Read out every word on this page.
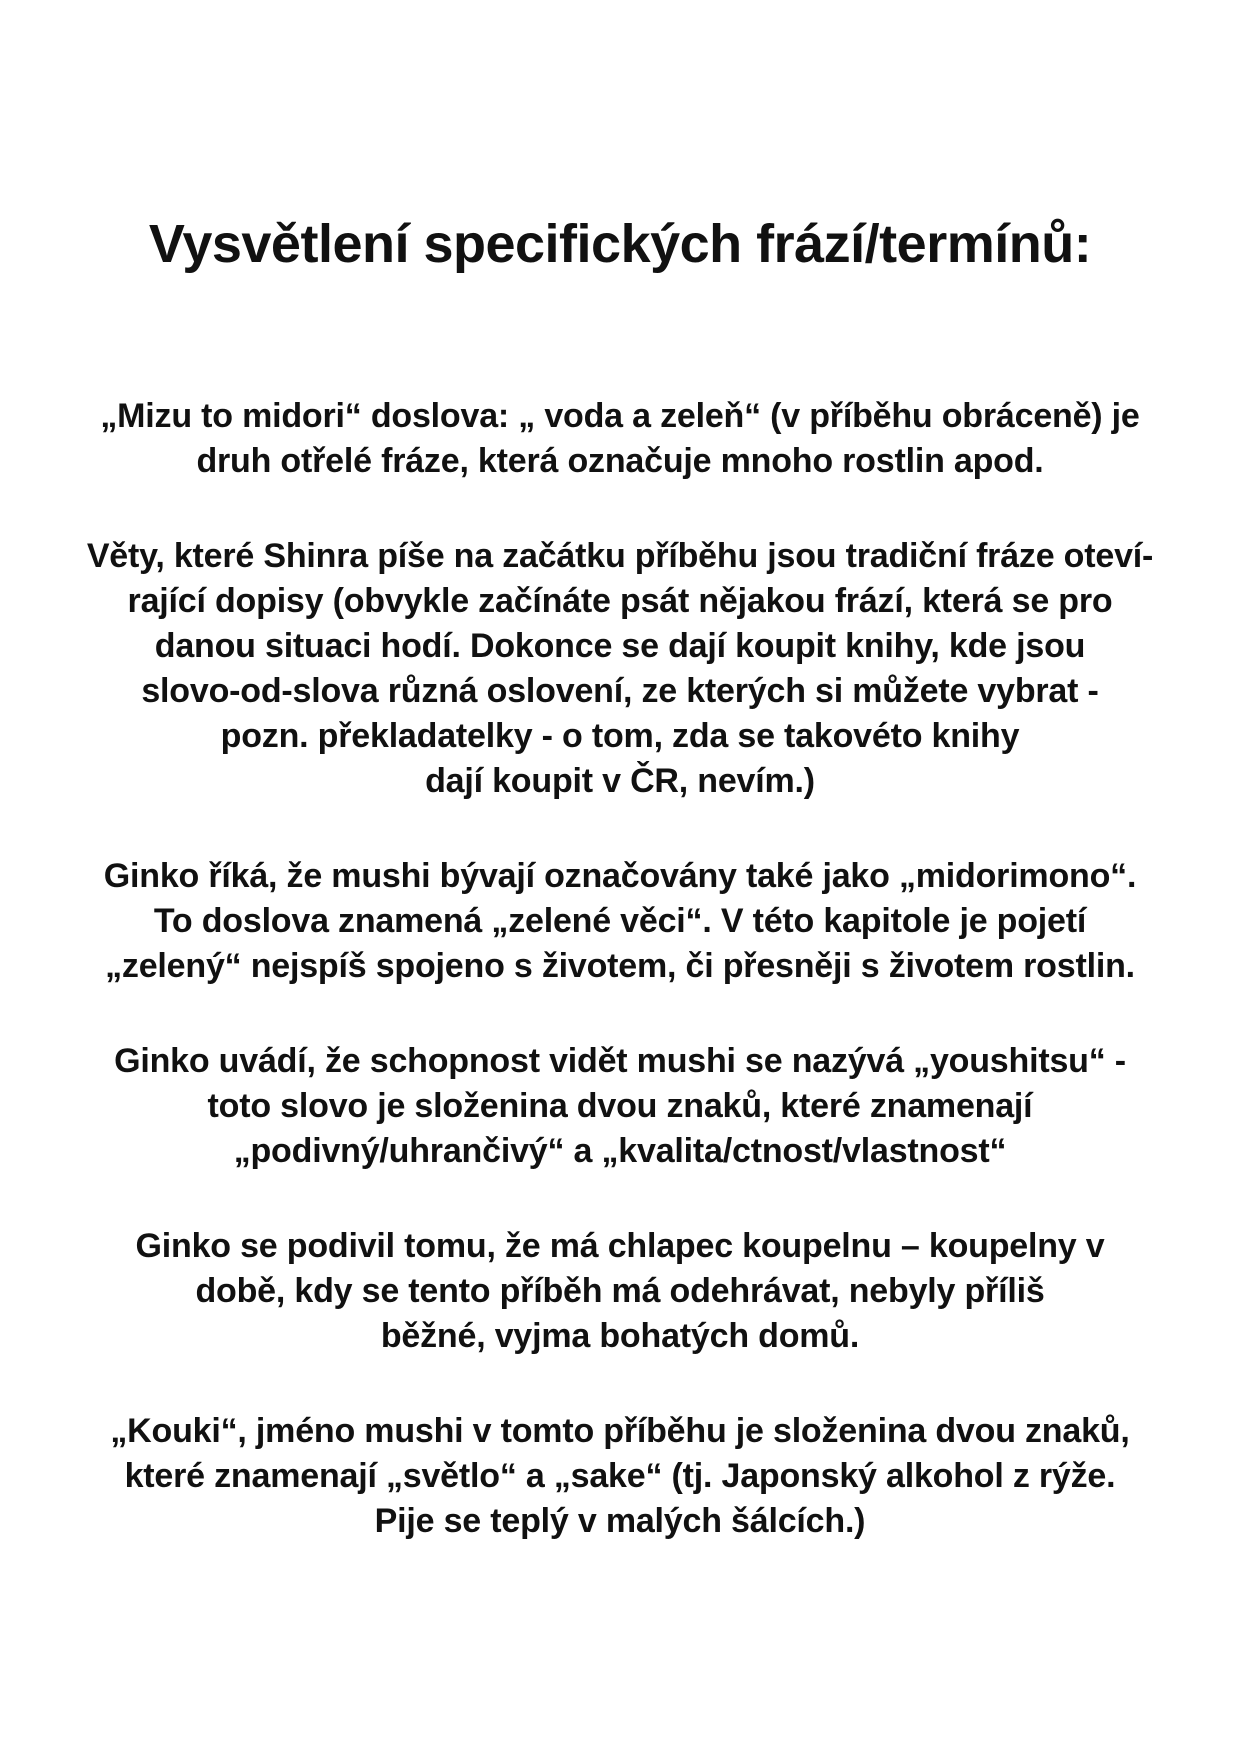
Vysvětlení specifických frází/termínů:

„Mizu to midori“ doslova: „ voda a zeleň“ (v příběhu obráceně) je
druh otřelé fráze, která označuje mnoho rostlin apod.

Věty, které Shinra píše na začátku příběhu jsou tradiční fráze oteví-
rající dopisy (obvykle začínáte psát nějakou frází, která se pro
danou situaci hodí. Dokonce se dají koupit knihy, kde jsou
slovo-od-slova různá oslovení, ze kterých si můžete vybrat -
pozn. překladatelky - o tom, zda se takovéto knihy
dají koupit v ČR, nevím.)

Ginko říká, že mushi bývají označovány také jako „midorimono“.
To doslova znamená „zelené věci“. V této kapitole je pojetí
„zelený“ nejspíš spojeno s životem, či přesněji s životem rostlin.

Ginko uvádí, že schopnost vidět mushi se nazývá „youshitsu“ -
toto slovo je složenina dvou znaků, které znamenají
„podivný/uhrančivý“ a „kvalita/ctnost/vlastnost“

Ginko se podivil tomu, že má chlapec koupelnu – koupelny v
době, kdy se tento příběh má odehrávat, nebyly příliš
běžné, vyjma bohatých domů.

„Kouki“, jméno mushi v tomto příběhu je složenina dvou znaků,
které znamenají „světlo“ a „sake“ (tj. Japonský alkohol z rýže.
Pije se teplý v malých šálcích.)
